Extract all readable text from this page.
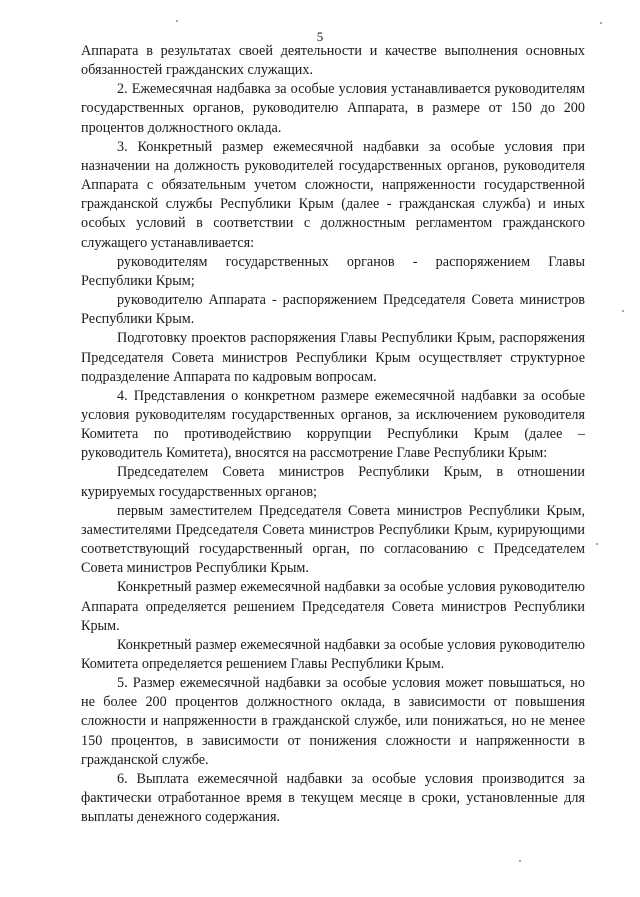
5

Аппарата в результатах своей деятельности и качестве выполнения основных обязанностей гражданских служащих.

2. Ежемесячная надбавка за особые условия устанавливается руководителям государственных органов, руководителю Аппарата, в размере от 150 до 200 процентов должностного оклада.

3. Конкретный размер ежемесячной надбавки за особые условия при назначении на должность руководителей государственных органов, руководителя Аппарата с обязательным учетом сложности, напряженности государственной гражданской службы Республики Крым (далее - гражданская служба) и иных особых условий в соответствии с должностным регламентом гражданского служащего устанавливается:

руководителям государственных органов - распоряжением Главы Республики Крым;

руководителю Аппарата - распоряжением Председателя Совета министров Республики Крым.

Подготовку проектов распоряжения Главы Республики Крым, распоряжения Председателя Совета министров Республики Крым осуществляет структурное подразделение Аппарата по кадровым вопросам.

4. Представления о конкретном размере ежемесячной надбавки за особые условия руководителям государственных органов, за исключением руководителя Комитета по противодействию коррупции Республики Крым (далее – руководитель Комитета), вносятся на рассмотрение Главе Республики Крым:

Председателем Совета министров Республики Крым, в отношении курируемых государственных органов;

первым заместителем Председателя Совета министров Республики Крым, заместителями Председателя Совета министров Республики Крым, курирующими соответствующий государственный орган, по согласованию с Председателем Совета министров Республики Крым.

Конкретный размер ежемесячной надбавки за особые условия руководителю Аппарата определяется решением Председателя Совета министров Республики Крым.

Конкретный размер ежемесячной надбавки за особые условия руководителю Комитета определяется решением Главы Республики Крым.

5. Размер ежемесячной надбавки за особые условия может повышаться, но не более 200 процентов должностного оклада, в зависимости от повышения сложности и напряженности в гражданской службе, или понижаться, но не менее 150 процентов, в зависимости от понижения сложности и напряженности в гражданской службе.

6. Выплата ежемесячной надбавки за особые условия производится за фактически отработанное время в текущем месяце в сроки, установленные для выплаты денежного содержания.
